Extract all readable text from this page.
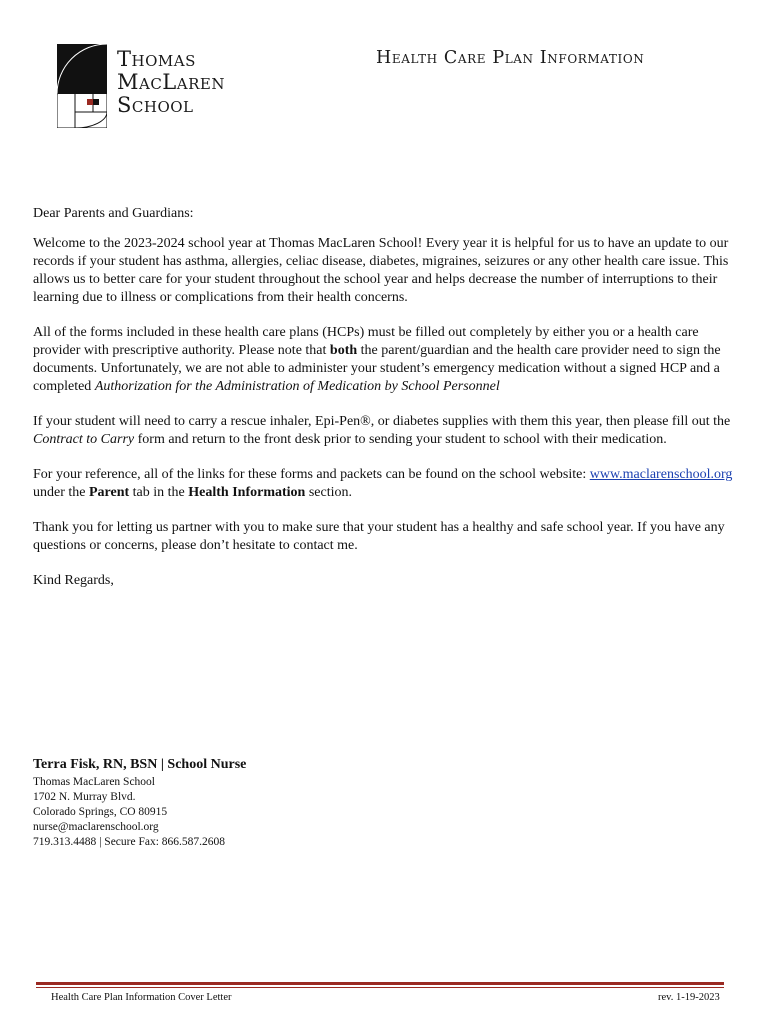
Thomas
MacLaren
School
Health Care Plan Information

Dear Parents and Guardians:

Welcome to the 2023-2024 school year at Thomas MacLaren School! Every year it is helpful for us to have an update to our records if your student has asthma, allergies, celiac disease, diabetes, migraines, seizures or any other health care issue. This allows us to better care for your student throughout the school year and helps decrease the number of interruptions to their learning due to illness or complications from their health concerns.

All of the forms included in these health care plans (HCPs) must be filled out completely by either you or a health care provider with prescriptive authority. Please note that both the parent/guardian and the health care provider need to sign the documents. Unfortunately, we are not able to administer your student’s emergency medication without a signed HCP and a completed Authorization for the Administration of Medication by School Personnel

If your student will need to carry a rescue inhaler, Epi-Pen®, or diabetes supplies with them this year, then please fill out the Contract to Carry form and return to the front desk prior to sending your student to school with their medication.

For your reference, all of the links for these forms and packets can be found on the school website: www.maclarenschool.org under the Parent tab in the Health Information section.

Thank you for letting us partner with you to make sure that your student has a healthy and safe school year. If you have any questions or concerns, please don’t hesitate to contact me.

Kind Regards,

Terra Fisk, RN, BSN | School Nurse
Thomas MacLaren School
1702 N. Murray Blvd.
Colorado Springs, CO 80915
nurse@maclarenschool.org
719.313.4488 | Secure Fax: 866.587.2608
Health Care Plan Information Cover Letter	rev. 1-19-2023
